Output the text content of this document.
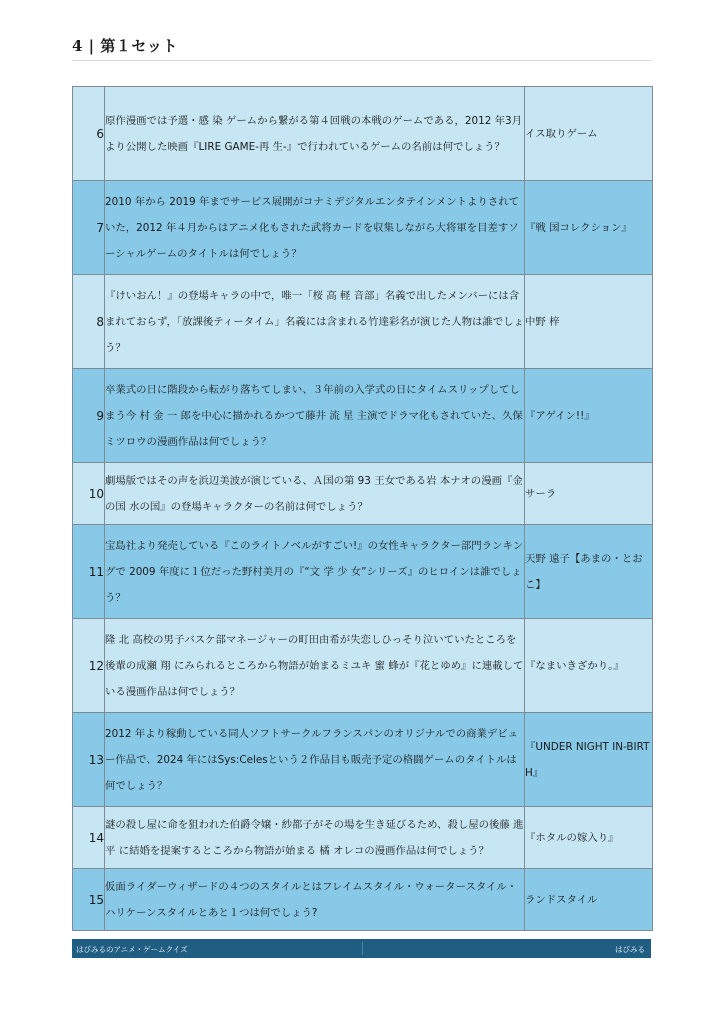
4 | 第１セット
6	原作漫画では予選・感 染 ゲームから繋がる第４回戦の本戦のゲームである，2012 年3月より公開した映画『LIRE GAME-再 生-』で行われているゲームの名前は何でしょう？	イス取りゲーム
7	2010 年から 2019 年までサービス展開がコナミデジタルエンタテインメントよりされていた，2012 年４月からはアニメ化もされた武将カードを収集しながら大将軍を目差すソーシャルゲームのタイトルは何でしょう？	『戦 国コレクション』
8	『けいおん！』の登場キャラの中で，唯一「桜 高 軽 音部」名義で出したメンバーには含まれておらず，「放課後ティータイム」名義には含まれる竹達彩名が演じた人物は誰でしょう？	中野 梓
9	卒業式の日に階段から転がり落ちてしまい、３年前の入学式の日にタイムスリップしてしまう今 村 金 一 郎を中心に描かれるかつて藤井 流 星 主演でドラマ化もされていた、久保ミツロウの漫画作品は何でしょう？	『アゲイン!!』
10	劇場版ではその声を浜辺美波が演じている、Ａ国の第 93 王女である岩 本ナオの漫画『金の国 水の国』の登場キャラクターの名前は何でしょう？	サーラ
11	宝島社より発売している『このライトノベルがすごい!』の女性キャラクター部門ランキングで 2009 年度に１位だった野村美月の『“文 学 少 女”シリーズ』のヒロインは誰でしょう？	天野 遠子【あまの・とおこ】
12	隆 北 高校の男子バスケ部マネージャーの町田由希が失恋しひっそり泣いていたところを後輩の成瀬 翔 にみられるところから物語が始まるミユキ 蜜 蜂が『花とゆめ』に連載している漫画作品は何でしょう？	『なまいきざかり。』
13	2012 年より稼動している同人ソフトサークルフランスパンのオリジナルでの商業デビュー作品で、2024 年にはSys:Celesという２作品目も販売予定の格闘ゲームのタイトルは何でしょう？	『UNDER NIGHT IN-BIRTH』
14	謎の殺し屋に命を狙われた伯爵令嬢・紗都子がその場を生き延びるため、殺し屋の後藤 進 平 に結婚を提案するところから物語が始まる 橘 オレコの漫画作品は何でしょう？	『ホタルの嫁入り』
15	仮面ライダーウィザードの４つのスタイルとはフレイムスタイル・ウォータースタイル・ハリケーンスタイルとあと１つは何でしょう?	ランドスタイル
はぴみるのアニメ・ゲームクイズ	はぴみる
